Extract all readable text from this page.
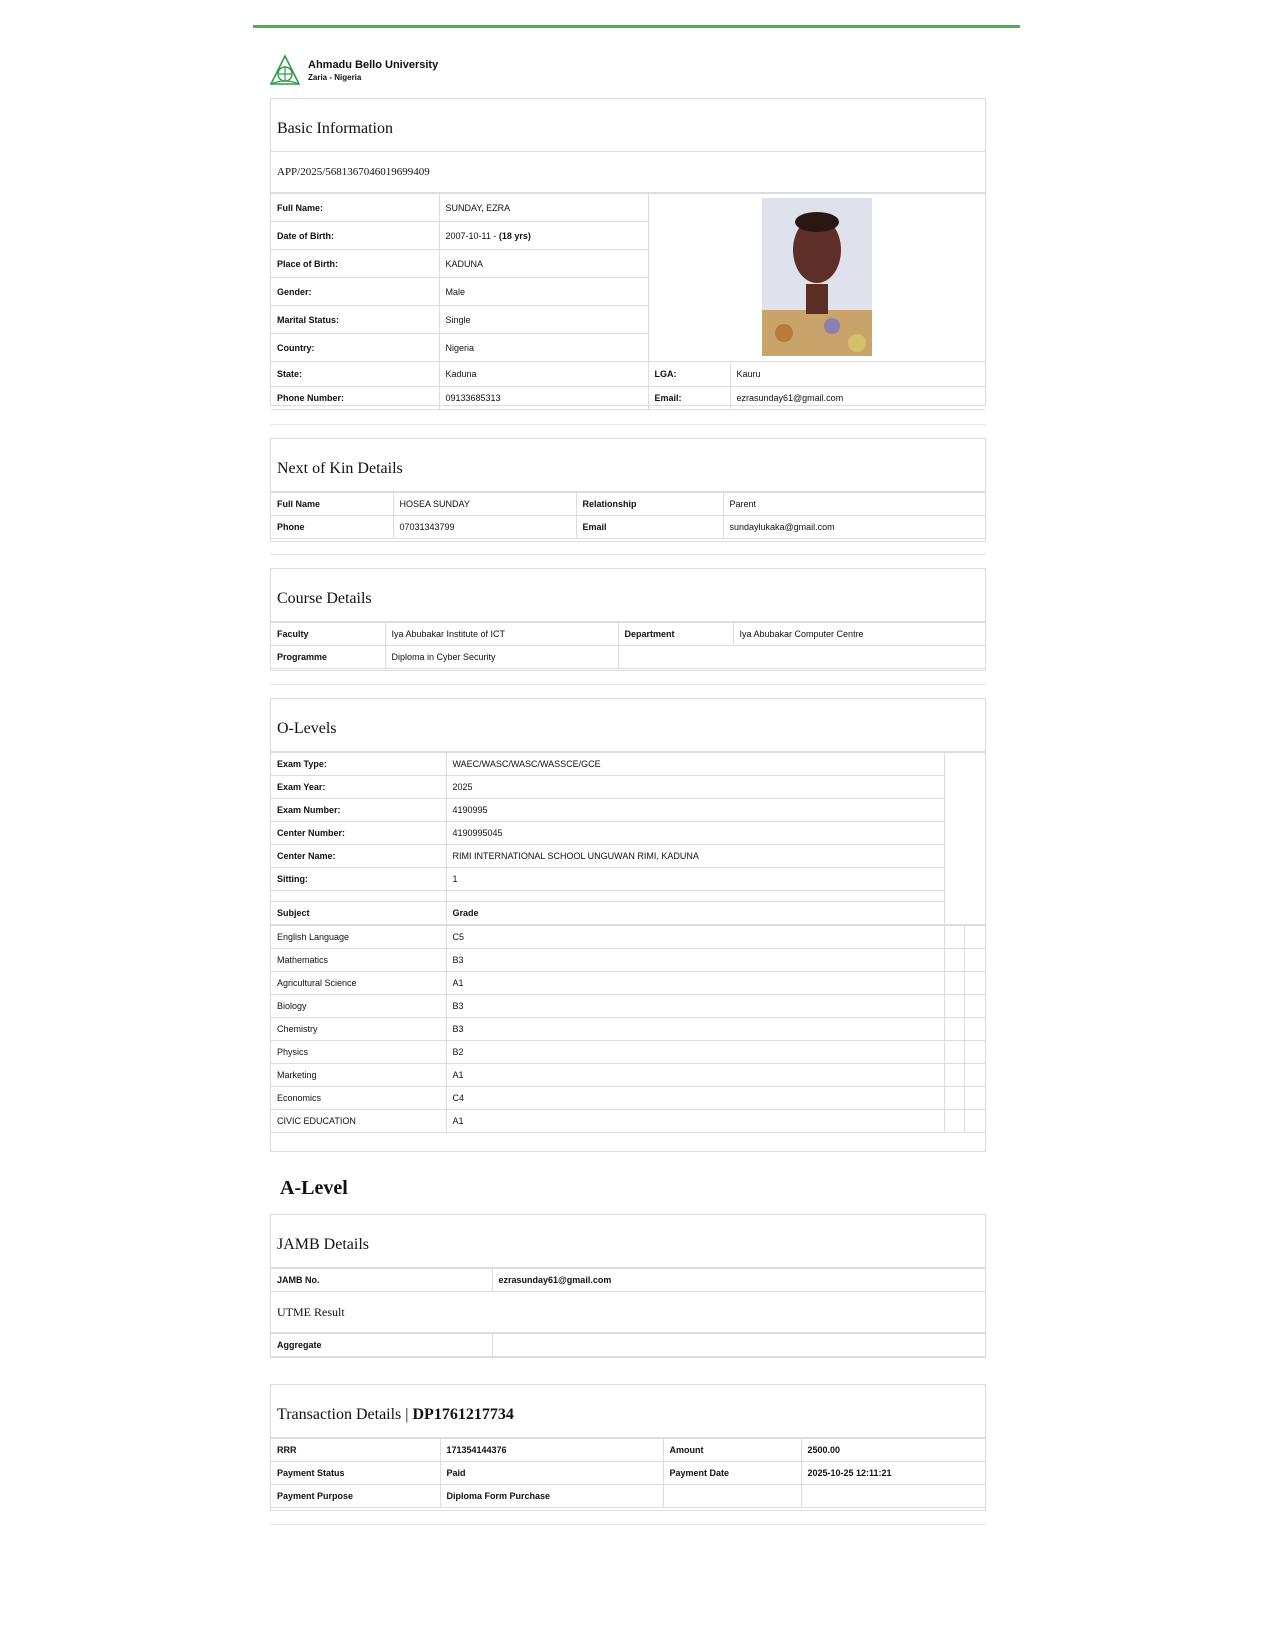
Ahmadu Bello University
Zaria - Nigeria
Basic Information
APP/2025/5681367046019699409
Full Name:	SUNDAY, EZRA	

Date of Birth:	2007-10-11 - (18 yrs)		
Place of Birth:	KADUNA		
Gender:	Male		
Marital Status:	Single		
Country:	Nigeria		
State:	Kaduna	LGA:	Kauru
Phone Number:	09133685313	Email:	ezrasunday61@gmail.com
Next of Kin Details
Full Name	HOSEA SUNDAY	Relationship	Parent
Phone	07031343799	Email	sundaylukaka@gmail.com
Course Details
Faculty	Iya Abubakar Institute of ICT	Department	Iya Abubakar Computer Centre
Programme	Diploma in Cyber Security		
O-Levels
Exam Type:	WAEC/WASC/WASC/WASSCE/GCE	
Exam Year:	2025	
Exam Number:	4190995	
Center Number:	4190995045	
Center Name:	RIMI INTERNATIONAL SCHOOL UNGUWAN RIMI, KADUNA	
Sitting:	1	

Subject	Grade	
English Language	C5		
Mathematics	B3		
Agricultural Science	A1		
Biology	B3		
Chemistry	B3		
Physics	B2		
Marketing	A1		
Economics	C4		
CIVIC EDUCATION	A1		
A-Level
JAMB Details
JAMB No.	ezrasunday61@gmail.com
UTME Result
Aggregate	
Transaction Details | DP1761217734
RRR	171354144376	Amount	2500.00
Payment Status	Paid	Payment Date	2025-10-25 12:11:21
Payment Purpose	Diploma Form Purchase		
